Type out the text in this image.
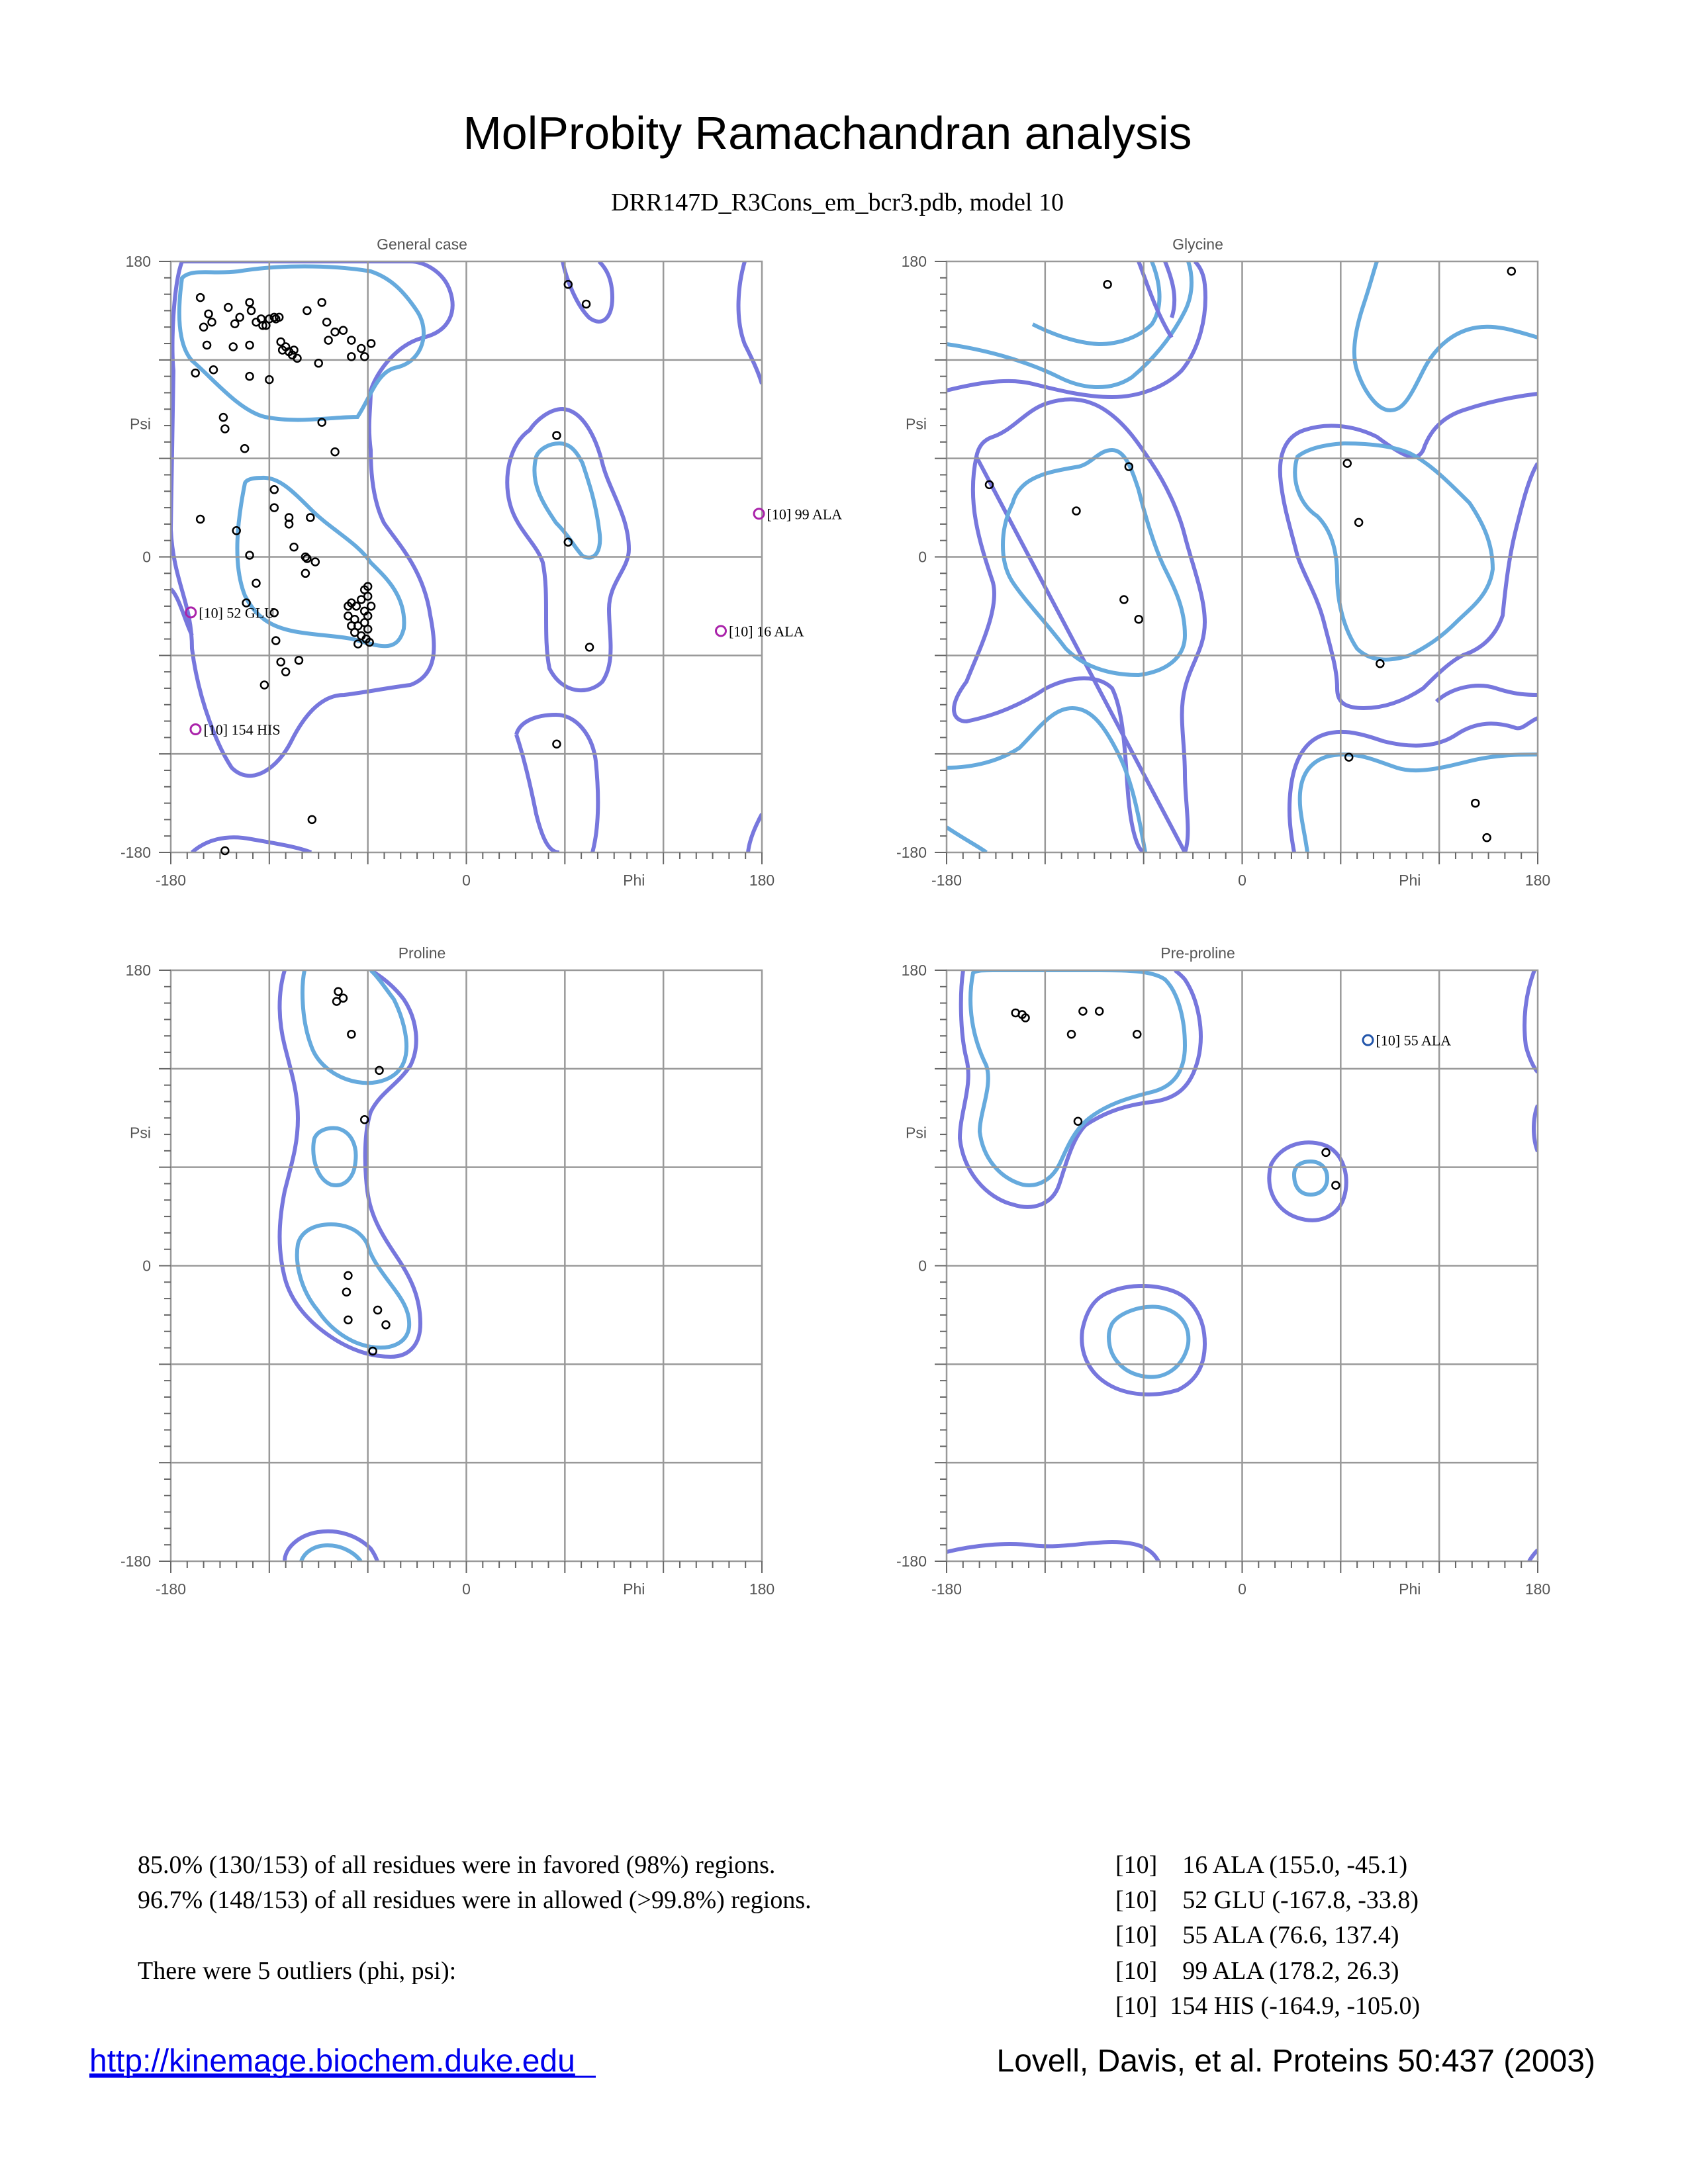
MolProbity Ramachandran analysis
DRR147D_R3Cons_em_bcr3.pdb, model 10
General case
-180	0	180
180
0
-180
Phi
Psi
[10] 99 ALA
[10] 52 GLU
[10] 16 ALA
[10] 154 HIS
Glycine
-180	0	180
180
0
-180
Phi
Psi
Proline
-180	0	180
180
0
-180
Phi
Psi
Pre-proline
-180	0	180
180
0
-180
Phi
Psi
[10] 55 ALA
85.0% (130/153) of all residues were in favored (98%) regions.
96.7% (148/153) of all residues were in allowed (>99.8%) regions.
There were 5 outliers (phi, psi):
[10]    16 ALA (155.0, -45.1)
[10]    52 GLU (-167.8, -33.8)
[10]    55 ALA (76.6, 137.4)
[10]    99 ALA (178.2, 26.3)
[10]  154 HIS (-164.9, -105.0)
http://kinemage.biochem.duke.edu	Lovell, Davis, et al. Proteins 50:437 (2003)
